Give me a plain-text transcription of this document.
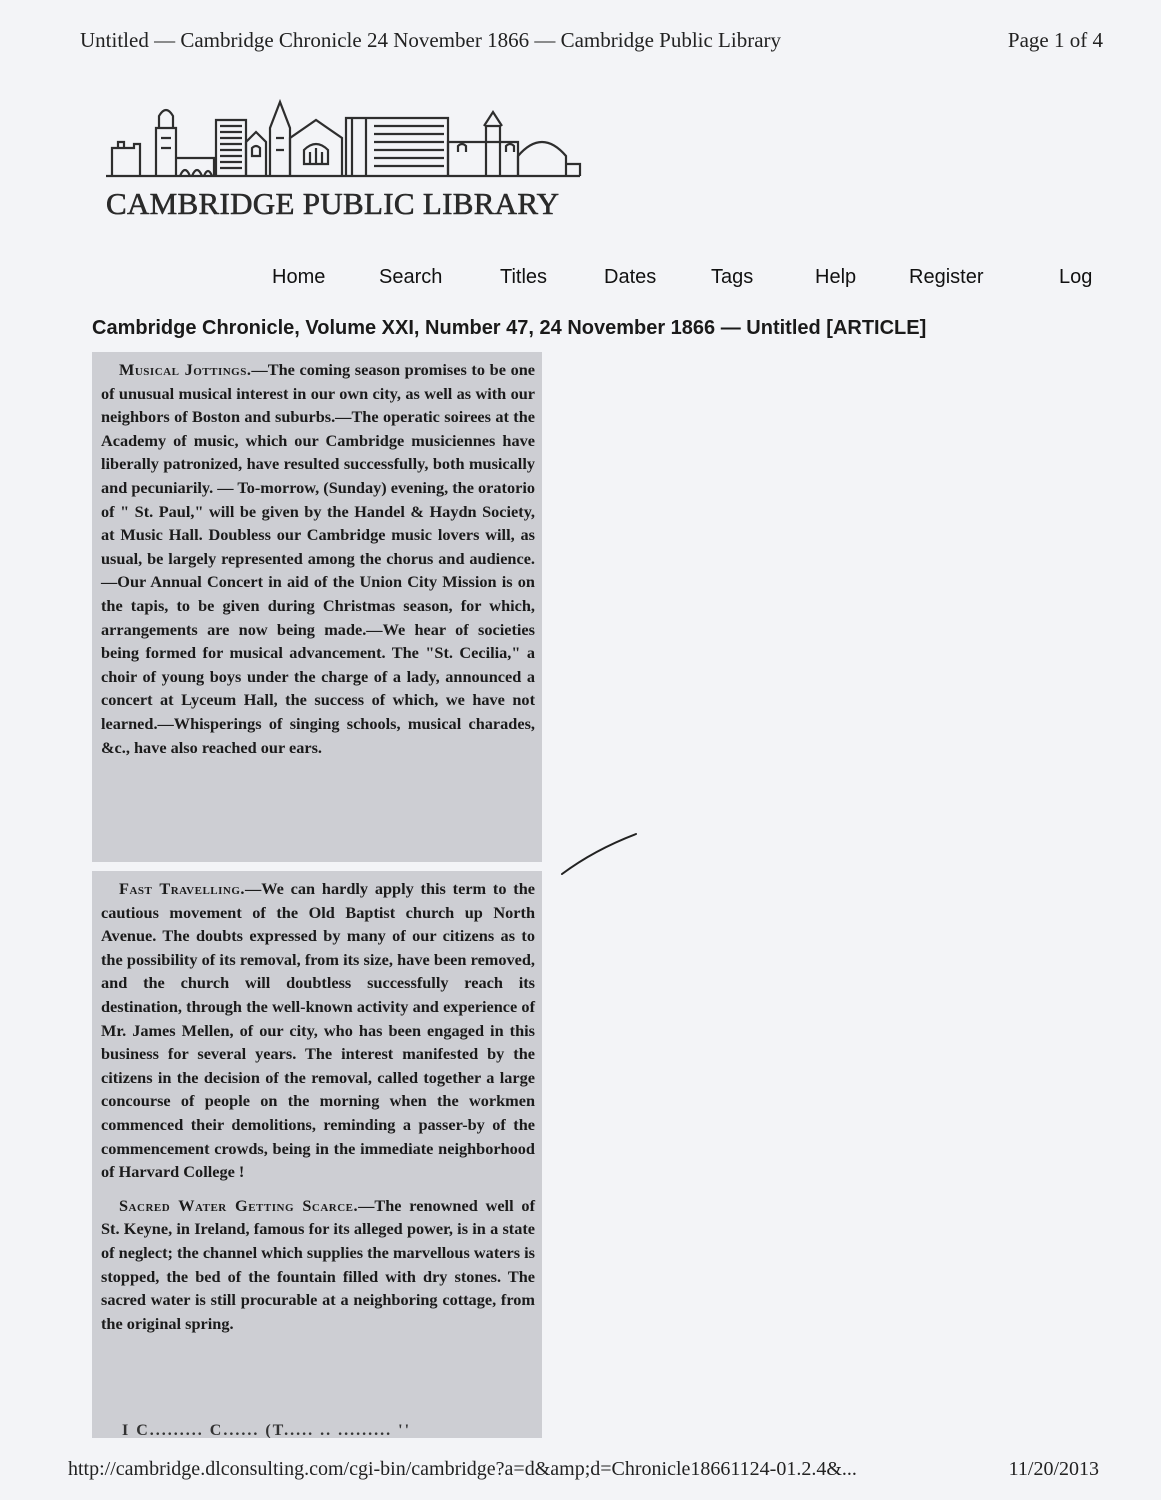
Untitled — Cambridge Chronicle 24 November 1866 — Cambridge Public Library	Page 1 of 4
CAMBRIDGE PUBLIC LIBRARY
Home	Search	Titles	Dates	Tags	Help	Register	Log
Cambridge Chronicle, Volume XXI, Number 47, 24 November 1866 — Untitled [ARTICLE]

Musical Jottings.—The coming season promises to be one of unusual musical interest in our own city, as well as with our neighbors of Boston and suburbs.—The operatic soirees at the Academy of music, which our Cambridge musiciennes have liberally patronized, have resulted successfully, both musically and pecuniarily. — To-morrow, (Sunday) evening, the oratorio of " St. Paul," will be given by the Handel & Haydn Society, at Music Hall. Doubless our Cambridge music lovers will, as usual, be largely represented among the chorus and audience.—Our Annual Concert in aid of the Union City Mission is on the tapis, to be given during Christmas season, for which, arrangements are now being made.—We hear of societies being formed for musical advancement. The "St. Cecilia," a choir of young boys under the charge of a lady, announced a concert at Lyceum Hall, the success of which, we have not learned.—Whisperings of singing schools, musical charades, &c., have also reached our ears.

Fast Travelling.—We can hardly apply this term to the cautious movement of the Old Baptist church up North Avenue. The doubts expressed by many of our citizens as to the possibility of its removal, from its size, have been removed, and the church will doubtless successfully reach its destination, through the well-known activity and experience of Mr. James Mellen, of our city, who has been engaged in this business for several years. The interest manifested by the citizens in the decision of the removal, called together a large concourse of people on the morning when the workmen commenced their demolitions, reminding a passer-by of the commencement crowds, being in the immediate neighborhood of Harvard College !

Sacred Water Getting Scarce.—The renowned well of St. Keyne, in Ireland, famous for its alleged power, is in a state of neglect; the channel which supplies the marvellous waters is stopped, the bed of the fountain filled with dry stones. The sacred water is still procurable at a neighboring cottage, from the original spring.

I C......... C...... (T..... .. ......... ''
http://cambridge.dlconsulting.com/cgi-bin/cambridge?a=d&amp;d=Chronicle18661124-01.2.4&...	11/20/2013
